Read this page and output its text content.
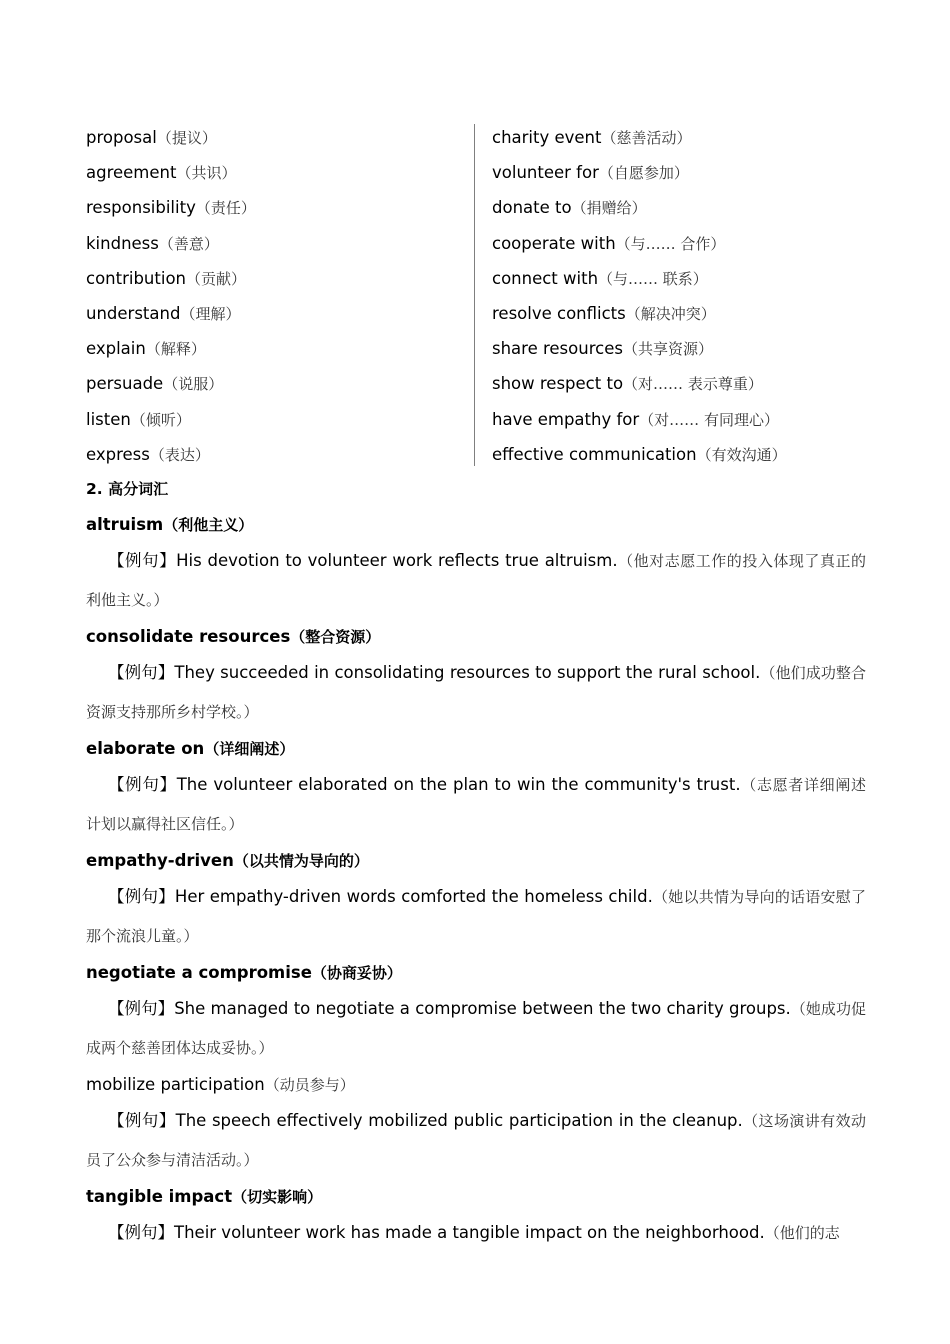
proposal（提议）
agreement（共识）
responsibility（责任）
kindness（善意）
contribution（贡献）
understand（理解）
explain（解释）
persuade（说服）
listen（倾听）
express（表达）
charity event（慈善活动）
volunteer for（自愿参加）
donate to（捐赠给）
cooperate with（与…… 合作）
connect with（与…… 联系）
resolve conflicts（解决冲突）
share resources（共享资源）
show respect to（对…… 表示尊重）
have empathy for（对…… 有同理心）
effective communication（有效沟通）
2. 高分词汇
altruism（利他主义）
【例句】His devotion to volunteer work reflects true altruism.（他对志愿工作的投入体现了真正的利他主义。）
consolidate resources（整合资源）
【例句】They succeeded in consolidating resources to support the rural school.（他们成功整合资源支持那所乡村学校。）
elaborate on（详细阐述）
【例句】The volunteer elaborated on the plan to win the community's trust.（志愿者详细阐述计划以赢得社区信任。）
empathy-driven（以共情为导向的）
【例句】Her empathy-driven words comforted the homeless child.（她以共情为导向的话语安慰了那个流浪儿童。）
negotiate a compromise（协商妥协）
【例句】She managed to negotiate a compromise between the two charity groups.（她成功促成两个慈善团体达成妥协。）
mobilize participation（动员参与）
【例句】The speech effectively mobilized public participation in the cleanup.（这场演讲有效动员了公众参与清洁活动。）
tangible impact（切实影响）
【例句】Their volunteer work has made a tangible impact on the neighborhood.（他们的志
